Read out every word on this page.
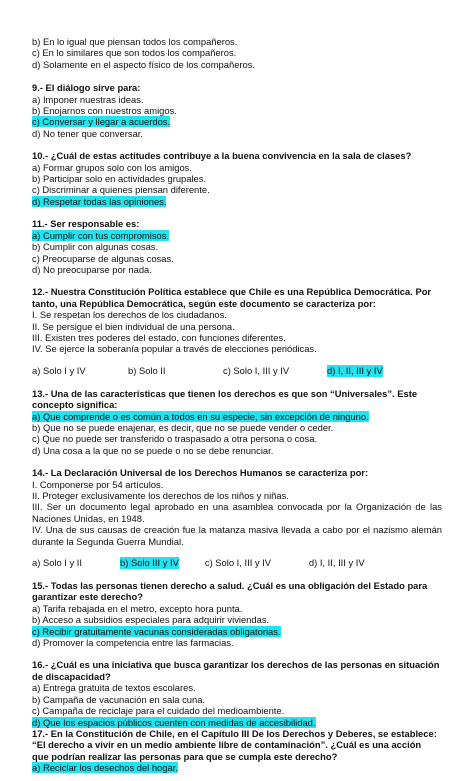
b) En lo igual que piensan todos los compañeros.
c) En lo similares que son todos los compañeros.
d) Solamente en el aspecto físico de los compañeros.
9.- El diálogo sirve para:
a) Imponer nuestras ideas.
b) Enojarnos con nuestros amigos.
c) Conversar y llegar a acuerdos.
d) No tener que conversar.
10.- ¿Cuál de estas actitudes contribuye a la buena convivencia en la sala de clases?
a) Formar grupos solo con los amigos.
b) Participar solo en actividades grupales.
c) Discriminar a quienes piensan diferente.
d) Respetar todas las opiniones.
11.- Ser responsable es:
a) Cumplir con tus compromisos.
b) Cumplir con algunas cosas.
c) Preocuparse de algunas cosas.
d) No preocuparse por nada.
12.- Nuestra Constitución Política establece que Chile es una República Democrática. Por
tanto, una República Democrática, según este documento se caracteriza por:
I. Se respetan los derechos de los ciudadanos.
II. Se persigue el bien individual de una persona.
III. Existen tres poderes del estado, con funciones diferentes.
IV. Se ejerce la soberanía popular a través de elecciones periódicas.
a) Solo I y IV	b) Solo II	c) Solo I, III y IV	d) I, II, III y IV
13.- Una de las características que tienen los derechos es que son “Universales”. Este
concepto significa:
a) Que comprende o es común a todos en su especie, sin excepción de ninguno.
b) Que no se puede enajenar, es decir, que no se puede vender o ceder.
c) Que no puede ser transferido o traspasado a otra persona o cosa.
d) Una cosa a la que no se puede o no se debe renunciar.
14.- La Declaración Universal de los Derechos Humanos se caracteriza por:
I. Componerse por 54 artículos.
II. Proteger exclusivamente los derechos de los niños y niñas.
III. Ser un documento legal aprobado en una asamblea convocada por la Organización de las Naciones Unidas, en 1948.
IV. Una de sus causas de creación fue la matanza masiva llevada a cabo por el nazismo alemán durante la Segunda Guerra Mundial.
a) Solo I y II	b) Solo III y IV	c) Solo I, III y IV	d) I, II, III y IV
15.- Todas las personas tienen derecho a salud. ¿Cuál es una obligación del Estado para
garantizar este derecho?
a) Tarifa rebajada en el metro, excepto hora punta.
b) Acceso a subsidios especiales para adquirir viviendas.
c) Recibir gratuitamente vacunas consideradas obligatorias.
d) Promover la competencia entre las farmacias.
16.- ¿Cuál es una iniciativa que busca garantizar los derechos de las personas en situación
de discapacidad?
a) Entrega gratuita de textos escolares.
b) Campaña de vacunación en sala cuna.
c) Campaña de reciclaje para el cuidado del medioambiente.
d) Que los espacios públicos cuenten con medidas de accesibilidad.
17.- En la Constitución de Chile, en el Capítulo III De los Derechos y Deberes, se establece:
“El derecho a vivir en un medio ambiente libre de contaminación”. ¿Cuál es una acción
que podrían realizar las personas para que se cumpla este derecho?
a) Reciclar los desechos del hogar.
